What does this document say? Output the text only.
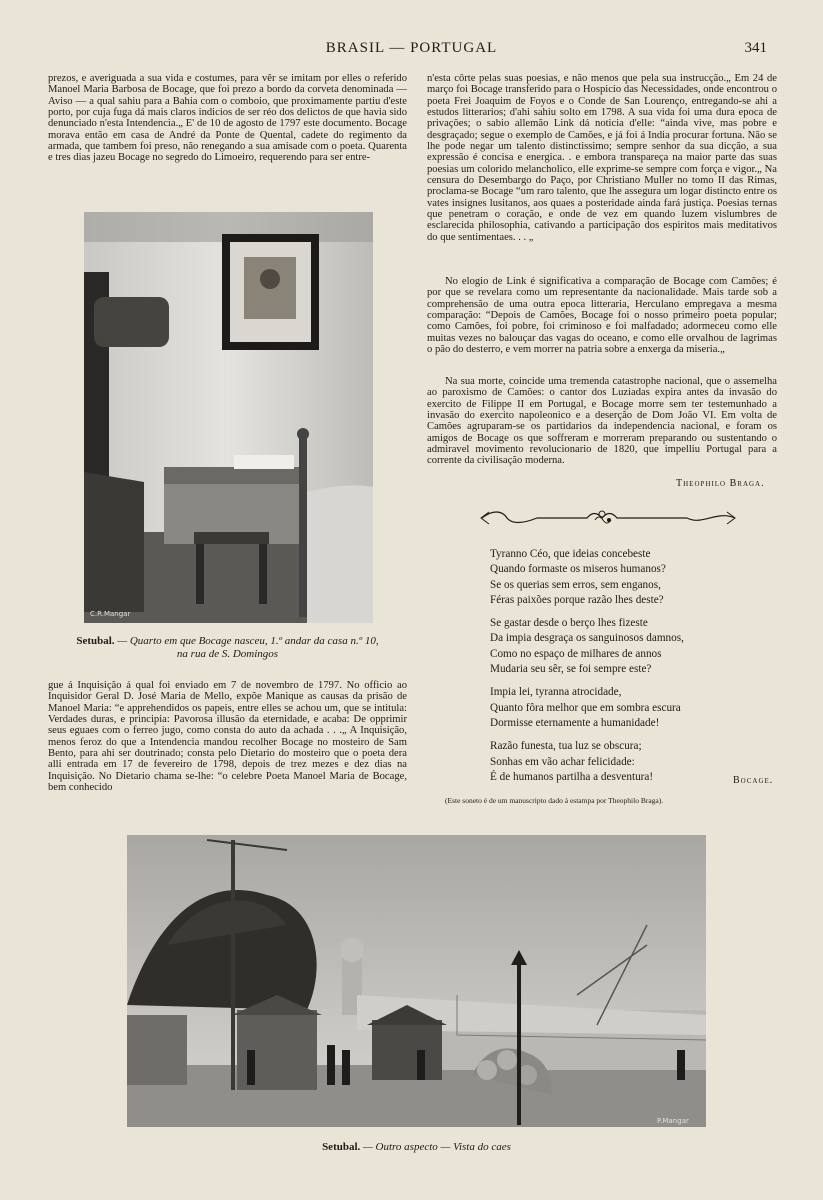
BRASIL — PORTUGAL	341

prezos, e averiguada a sua vida e costumes, para vêr se imitam por elles o referido Manoel Maria Barbosa de Bocage, que foi prezo a bordo da corveta denominada — Aviso — a qual sahiu para a Bahia com o comboio, que proximamente partiu d'este porto, por cuja fuga dá mais claros indicios de ser réo dos delictos de que havia sido denunciado n'esta Intendencia.„ E' de 10 de agosto de 1797 este documento. Bocage morava então em casa de André da Ponte de Quental, cadete do regimento da armada, que tambem foi preso, não renegando a sua amisade com o poeta. Quarenta e tres dias jazeu Bocage no segredo do Limoeiro, requerendo para ser entre-

C.R.Mangar
Setubal. — Quarto em que Bocage nasceu, 1.º andar da casa n.º 10,
na rua de S. Domingos

gue á Inquisição á qual foi enviado em 7 de novembro de 1797. No officio ao Inquisidor Geral D. José Maria de Mello, expõe Manique as causas da prisão de Manoel Maria: “e apprehendidos os papeis, entre elles se achou um, que se intitula: Verdades duras, e principia: Pavorosa illusão da eternidade, e acaba: De opprimir seus eguaes com o ferreo jugo, como consta do auto da achada . . .„ A Inquisição, menos feroz do que a Intendencia mandou recolher Bocage no mosteiro de Sam Bento, para ahi ser doutrinado; consta pelo Dietario do mosteiro que o poeta dera alli entrada em 17 de fevereiro de 1798, depois de trez mezes e dez dias na Inquisição. No Dietario chama se-lhe: “o celebre Poeta Manoel Maria de Bocage, bem conhecido

n'esta côrte pelas suas poesias, e não menos que pela sua instrucção.„ Em 24 de março foi Bocage transferido para o Hospicio das Necessidades, onde encontrou o poeta Frei Joaquim de Foyos e o Conde de San Lourenço, entregando-se ahi a estudos litterarios; d'ahi sahiu solto em 1798. A sua vida foi uma dura epoca de privações; o sabio allemão Link dá noticia d'elle: “ainda vive, mas pobre e desgraçado; segue o exemplo de Camões, e já foi á India procurar fortuna. Não se lhe pode negar um talento distinctissimo; sempre senhor da sua dicção, a sua expressão é concisa e energica. . e embora transpareça na maior parte das suas poesias um colorido melancholico, elle exprime-se sempre com força e vigor.„ Na censura do Desembargo do Paço, por Christiano Muller no tomo II das Rimas, proclama-se Bocage “um raro talento, que lhe assegura um logar distincto entre os vates insignes lusitanos, aos quaes a posteridade ainda fará justiça. Poesias ternas que penetram o coração, e onde de vez em quando luzem vislumbres de esclarecida philosophia, cativando a participação dos espiritos mais meditativos do que sentimentaes. . . „

No elogio de Link é significativa a comparação de Bocage com Camões; é por que se revelara como um representante da nacionalidade. Mais tarde sob a comprehensão de uma outra epoca litteraria, Herculano empregava a mesma comparação: “Depois de Camões, Bocage foi o nosso primeiro poeta popular; como Camões, foi pobre, foi criminoso e foi malfadado; adormeceu como elle muitas vezes no balouçar das vagas do oceano, e como elle orvalhou de lagrimas o pão do desterro, e vem morrer na patria sobre a enxerga da miseria.„

Na sua morte, coincide uma tremenda catastrophe nacional, que o assemelha ao paroxismo de Camões: o cantor dos Luziadas expira antes da invasão do exercito de Filippe II em Portugal, e Bocage morre sem ter testemunhado a invasão do exercito napoleonico e a deserção de Dom João VI. Em volta de Camões agruparam-se os partidarios da independencia nacional, e foram os amigos de Bocage os que soffreram e morreram preparando ou sustentando o admiravel movimento revolucionario de 1820, que impelliu Portugal para a corrente da civilisação moderna.

Theophilo Braga.
Tyranno Céo, que ideias concebeste
Quando formaste os miseros humanos?
Se os querias sem erros, sem enganos,
Féras paixões porque razão lhes deste?
Se gastar desde o berço lhes fizeste
Da impia desgraça os sanguinosos damnos,
Como no espaço de milhares de annos
Mudaria seu sêr, se foi sempre este?
Impia lei, tyranna atrocidade,
Quanto fôra melhor que em sombra escura
Dormisse eternamente a humanidade!
Razão funesta, tua luz se obscura;
Sonhas em vão achar felicidade:
É de humanos partilha a desventura!	Bocage.
(Este soneto é de um manuscripto dado á estampa por Theophilo Braga).
P.Mangar
Setubal. — Outro aspecto — Vista do caes
